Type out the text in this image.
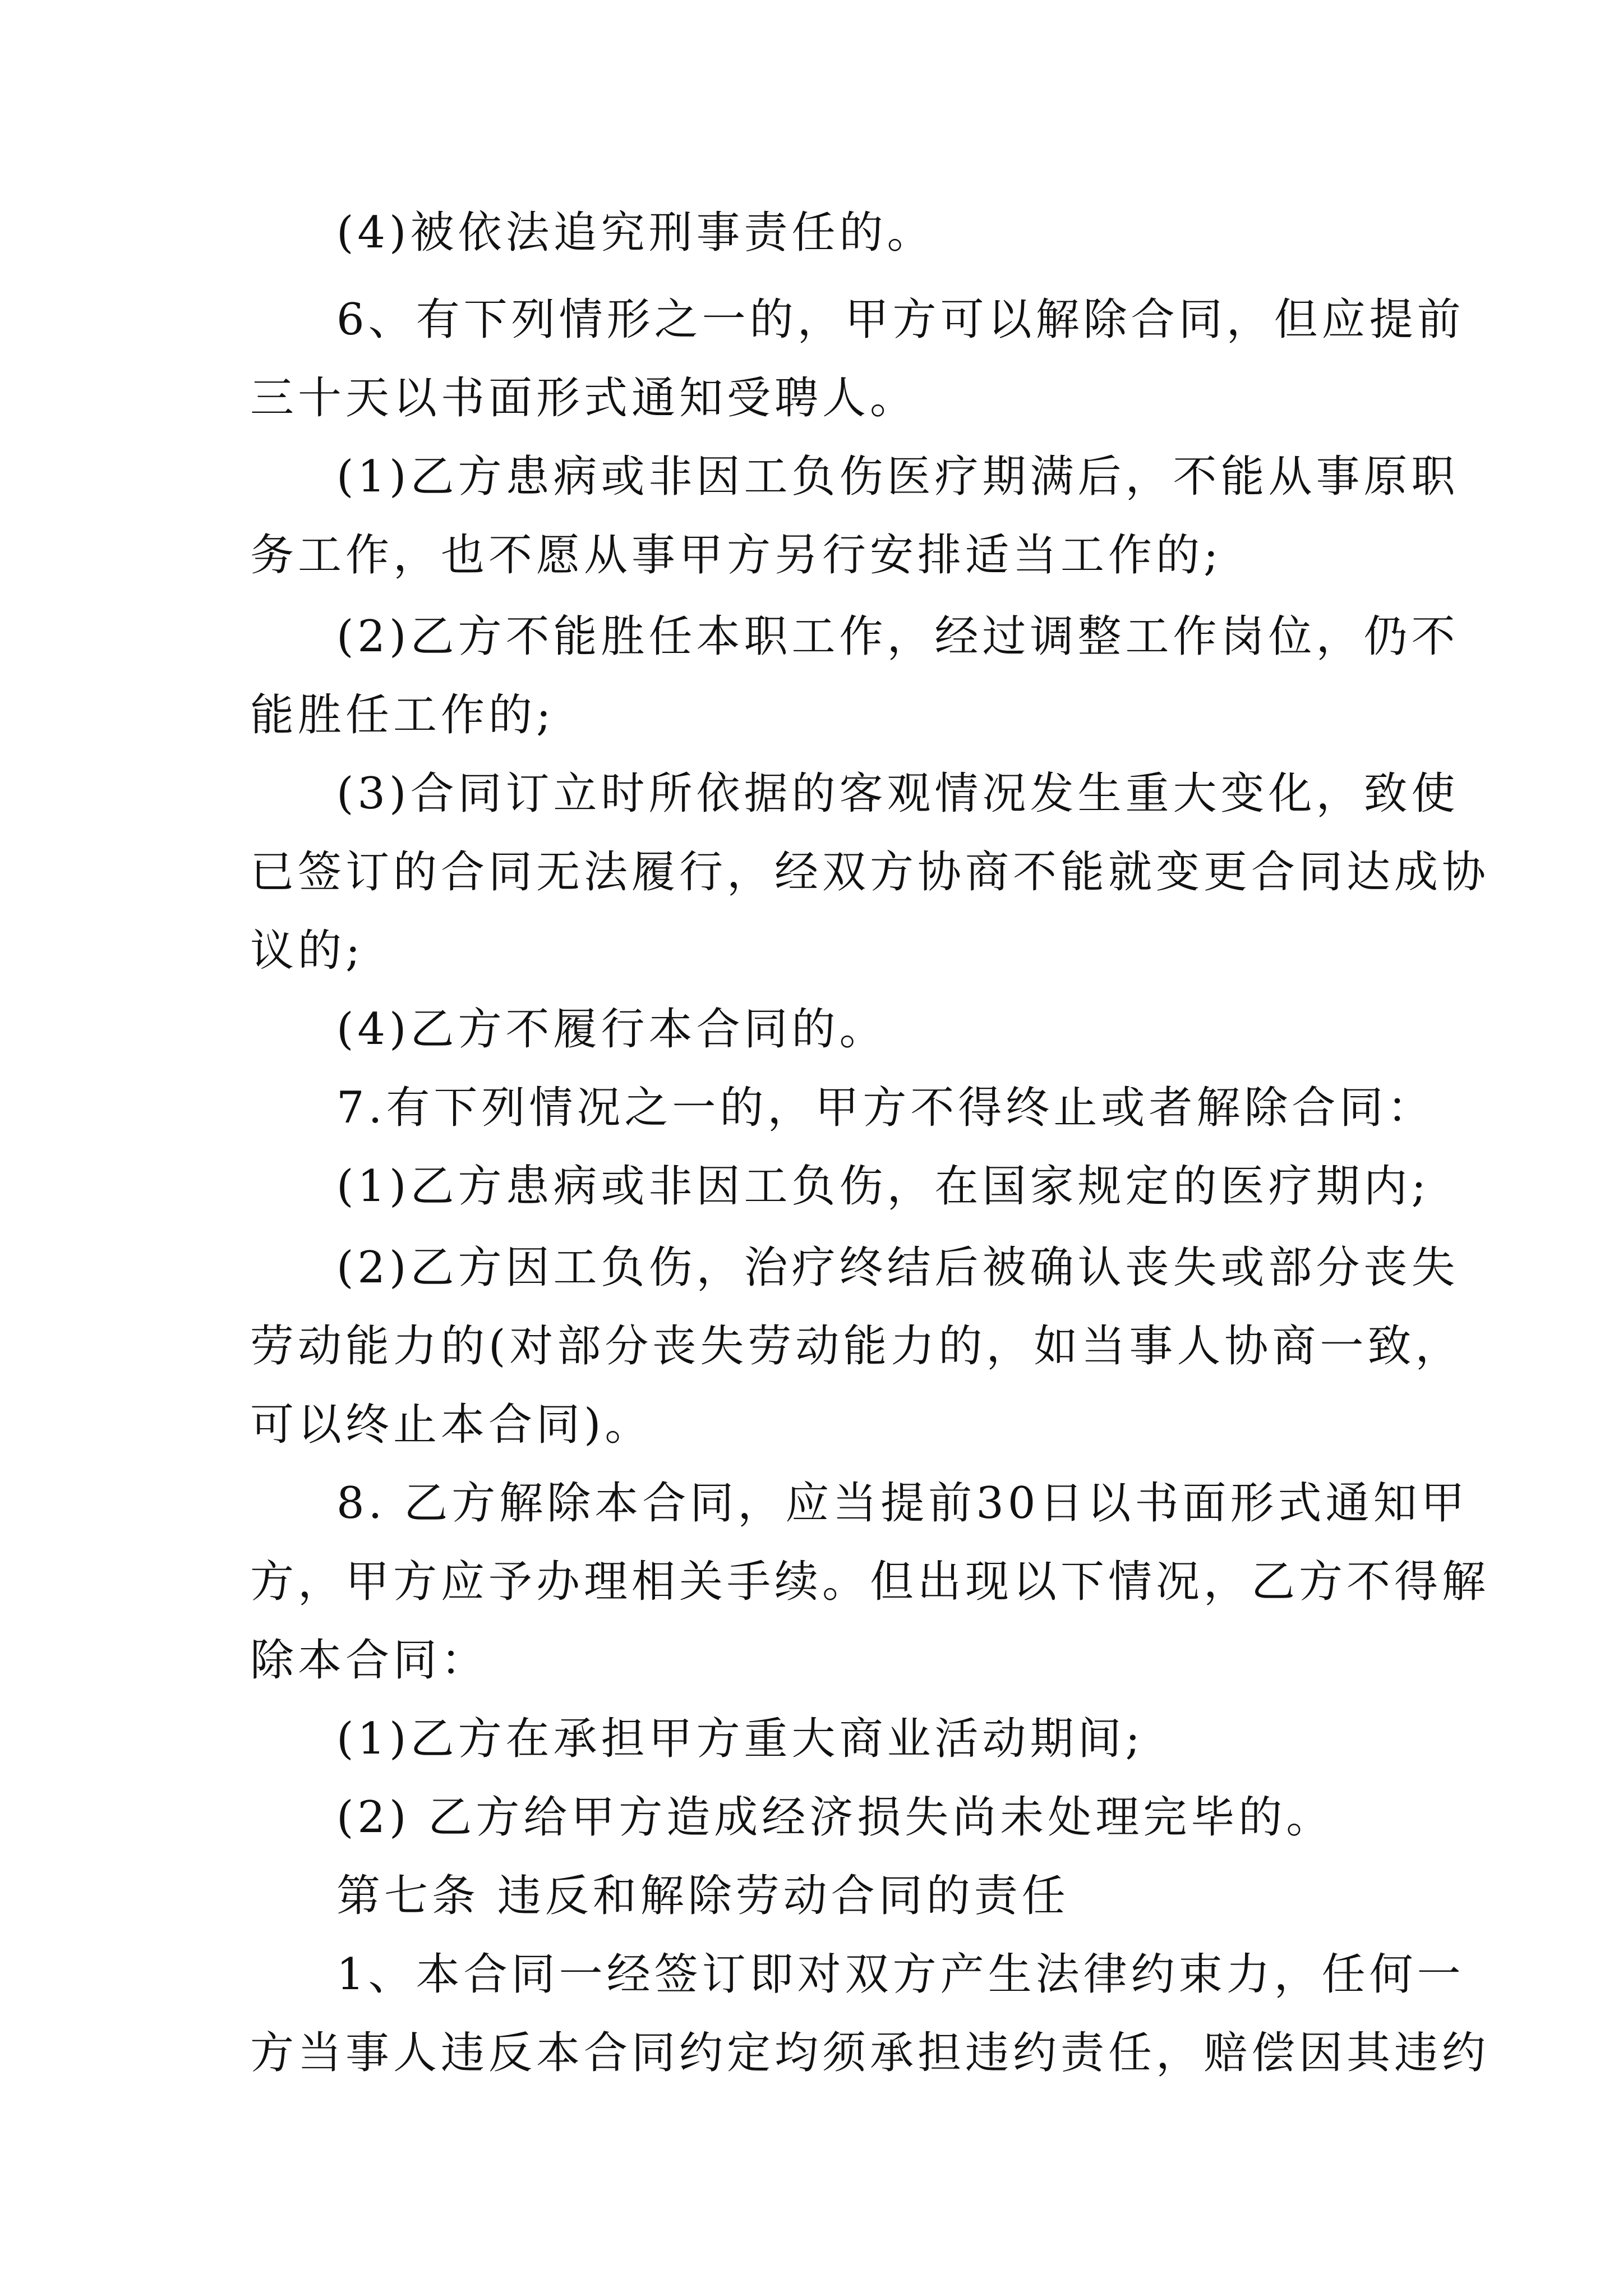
(4)被依法追究刑事责任的。
6、有下列情形之一的，甲方可以解除合同，但应提前
三十天以书面形式通知受聘人。
(1)乙方患病或非因工负伤医疗期满后，不能从事原职
务工作，也不愿从事甲方另行安排适当工作的;
(2)乙方不能胜任本职工作，经过调整工作岗位，仍不
能胜任工作的;
(3)合同订立时所依据的客观情况发生重大变化，致使
已签订的合同无法履行，经双方协商不能就变更合同达成协
议的;
(4)乙方不履行本合同的。
7.有下列情况之一的，甲方不得终止或者解除合同：
(1)乙方患病或非因工负伤，在国家规定的医疗期内;
(2)乙方因工负伤，治疗终结后被确认丧失或部分丧失
劳动能力的(对部分丧失劳动能力的，如当事人协商一致，
可以终止本合同)。
8. 乙方解除本合同，应当提前30日以书面形式通知甲
方，甲方应予办理相关手续。但出现以下情况，乙方不得解
除本合同：
(1)乙方在承担甲方重大商业活动期间;
(2) 乙方给甲方造成经济损失尚未处理完毕的。
第七条 违反和解除劳动合同的责任
1、本合同一经签订即对双方产生法律约束力，任何一
方当事人违反本合同约定均须承担违约责任，赔偿因其违约
